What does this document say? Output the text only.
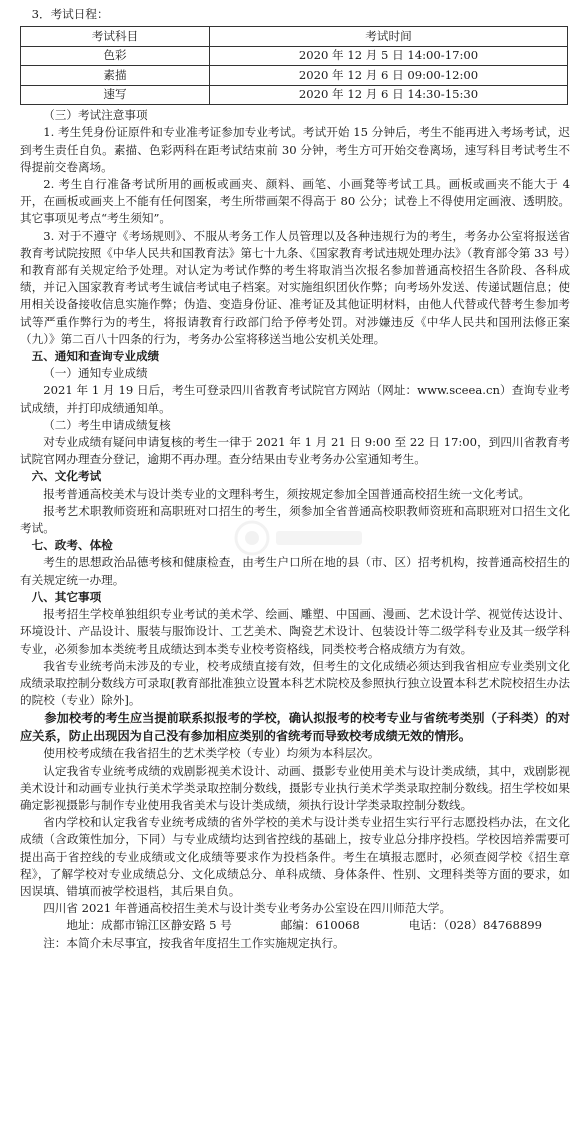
3．考试日程：

考试科目	考试时间
色彩	2020 年 12 月 5 日 14:00-17:00
素描	2020 年 12 月 6 日 09:00-12:00
速写	2020 年 12 月 6 日 14:30-15:30

（三）考试注意事项

1. 考生凭身份证原件和专业准考证参加专业考试。考试开始 15 分钟后，考生不能再进入考场考试，迟到考生责任自负。素描、色彩两科在距考试结束前 30 分钟，考生方可开始交卷离场，速写科目考试考生不得提前交卷离场。

2. 考生自行准备考试所用的画板或画夹、颜料、画笔、小画凳等考试工具。画板或画夹不能大于 4 开，在画板或画夹上不能有任何图案，考生所带画架不得高于 80 公分；试卷上不得使用定画液、透明胶。其它事项见考点“考生须知”。

3. 对于不遵守《考场规则》、不服从考务工作人员管理以及各种违规行为的考生，考务办公室将报送省教育考试院按照《中华人民共和国教育法》第七十九条、《国家教育考试违规处理办法》（教育部令第 33 号）和教育部有关规定给予处理。对认定为考试作弊的考生将取消当次报名参加普通高校招生各阶段、各科成绩，并记入国家教育考试考生诚信考试电子档案。对实施组织团伙作弊；向考场外发送、传递试题信息；使用相关设备接收信息实施作弊；伪造、变造身份证、准考证及其他证明材料，由他人代替或代替考生参加考试等严重作弊行为的考生，将报请教育行政部门给予停考处罚。对涉嫌违反《中华人民共和国刑法修正案（九）》第二百八十四条的行为，考务办公室将移送当地公安机关处理。

五、通知和查询专业成绩

（一）通知专业成绩

2021 年 1 月 19 日后，考生可登录四川省教育考试院官方网站（网址：www.sceea.cn）查询专业考试成绩，并打印成绩通知单。

（二）考生申请成绩复核

对专业成绩有疑问申请复核的考生一律于 2021 年 1 月 21 日 9:00 至 22 日 17:00，到四川省教育考试院官网办理查分登记，逾期不再办理。查分结果由专业考务办公室通知考生。

六、文化考试

报考普通高校美术与设计类专业的文理科考生，须按规定参加全国普通高校招生统一文化考试。

报考艺术职教师资班和高职班对口招生的考生，须参加全省普通高校职教师资班和高职班对口招生文化考试。

七、政考、体检

考生的思想政治品德考核和健康检查，由考生户口所在地的县（市、区）招考机构，按普通高校招生的有关规定统一办理。

八、其它事项

报考招生学校单独组织专业考试的美术学、绘画、雕塑、中国画、漫画、艺术设计学、视觉传达设计、环境设计、产品设计、服装与服饰设计、工艺美术、陶瓷艺术设计、包装设计等二级学科专业及其一级学科专业，必须参加本类统考且成绩达到本类专业校考资格线，同类校考合格成绩方为有效。

我省专业统考尚未涉及的专业，校考成绩直接有效，但考生的文化成绩必须达到我省相应专业类别文化成绩录取控制分数线方可录取[教育部批准独立设置本科艺术院校及参照执行独立设置本科艺术院校招生办法的院校（专业）除外]。

参加校考的考生应当提前联系拟报考的学校，确认拟报考的校考专业与省统考类别（子科类）的对应关系，防止出现因为自己没有参加相应类别的省统考而导致校考成绩无效的情形。

使用校考成绩在我省招生的艺术类学校（专业）均须为本科层次。

认定我省专业统考成绩的戏剧影视美术设计、动画、摄影专业使用美术与设计类成绩，其中，戏剧影视美术设计和动画专业执行美术学类录取控制分数线，摄影专业执行美术学类录取控制分数线。招生学校如果确定影视摄影与制作专业使用我省美术与设计类成绩，须执行设计学类录取控制分数线。

省内学校和认定我省专业统考成绩的省外学校的美术与设计类专业招生实行平行志愿投档办法，在文化成绩（含政策性加分，下同）与专业成绩均达到省控线的基础上，按专业总分排序投档。学校因培养需要可提出高于省控线的专业成绩或文化成绩等要求作为投档条件。考生在填报志愿时，必须查阅学校《招生章程》，了解学校对专业成绩总分、文化成绩总分、单科成绩、身体条件、性别、文理科类等方面的要求，如因误填、错填而被学校退档，其后果自负。

四川省 2021 年普通高校招生美术与设计类专业考务办公室设在四川师范大学。

地址：成都市锦江区静安路 5 号	邮编：610068	电话：（028）84768899

注：本简介未尽事宜，按我省年度招生工作实施规定执行。
